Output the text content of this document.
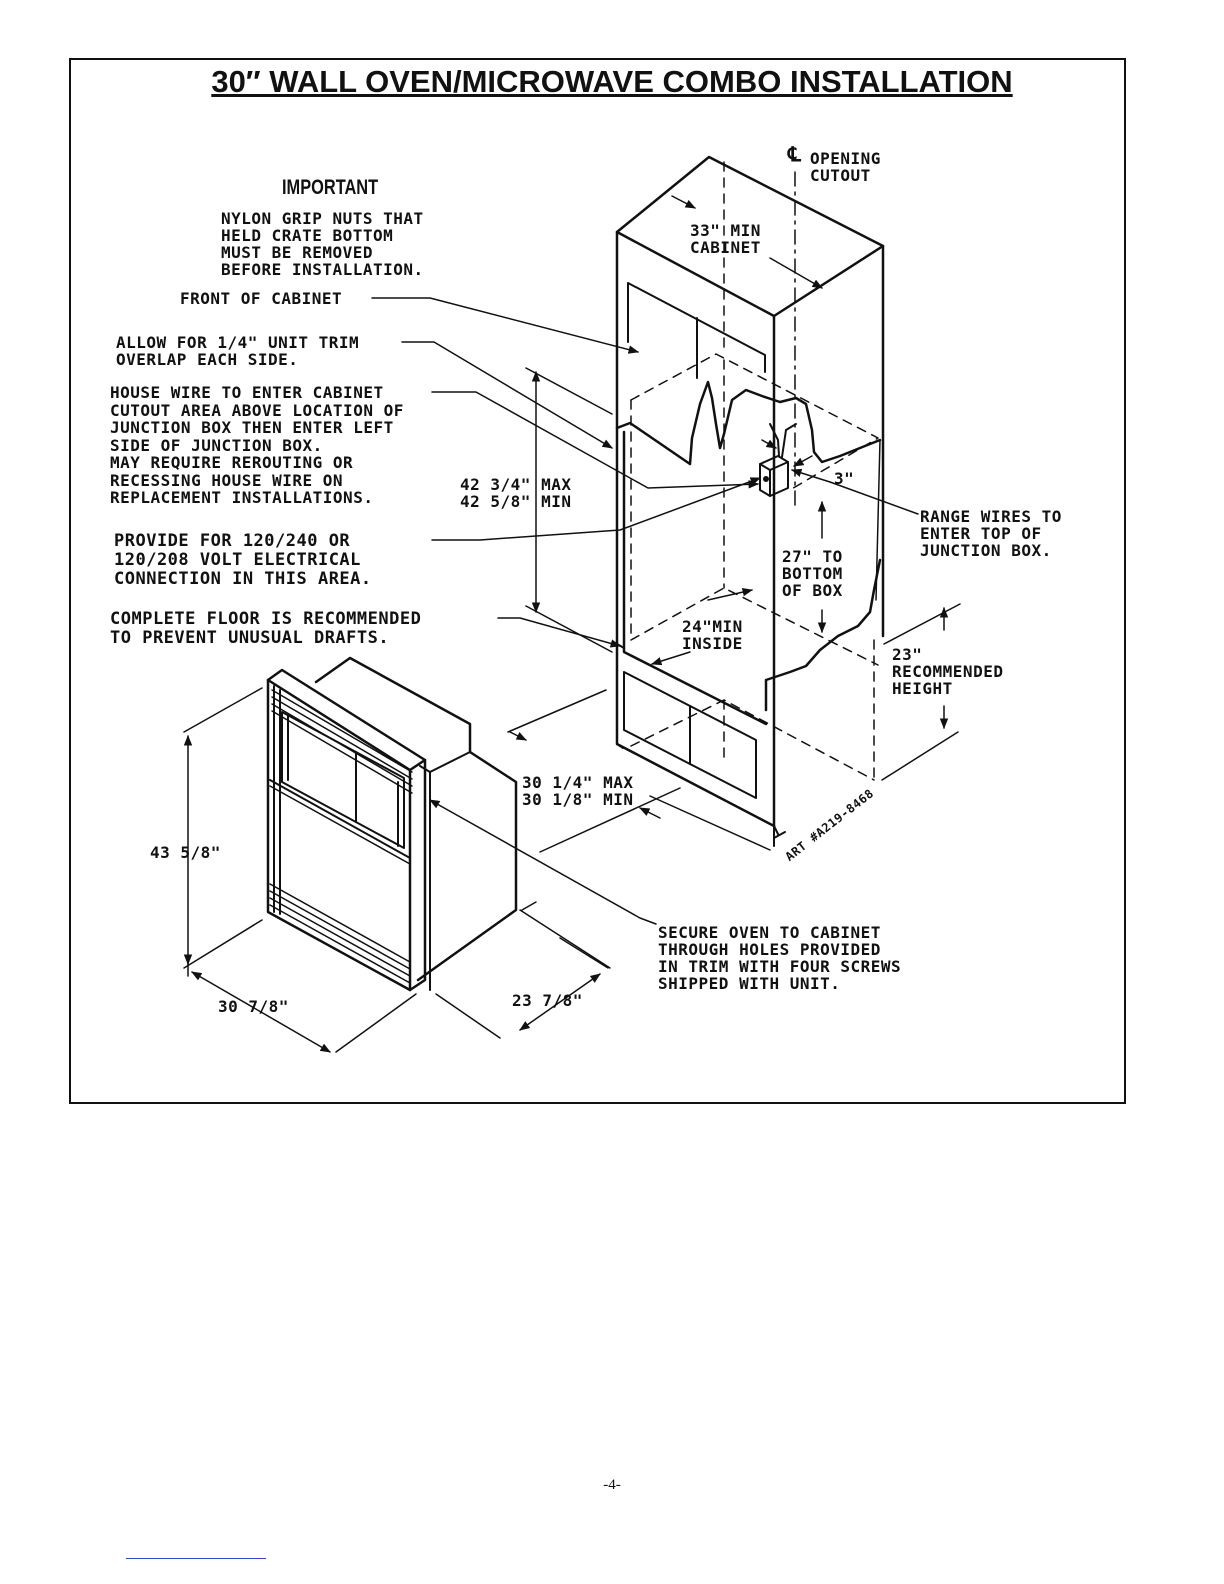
30″ WALL OVEN/MICROWAVE COMBO INSTALLATION
IMPORTANT
NYLON GRIP NUTS THAT
HELD CRATE BOTTOM
MUST BE REMOVED
BEFORE INSTALLATION.
FRONT OF CABINET
ALLOW FOR 1/4" UNIT TRIM
OVERLAP EACH SIDE.
HOUSE WIRE TO ENTER CABINET
CUTOUT AREA ABOVE LOCATION OF
JUNCTION BOX THEN ENTER LEFT
SIDE OF JUNCTION BOX.
MAY REQUIRE REROUTING OR
RECESSING HOUSE WIRE ON
REPLACEMENT INSTALLATIONS.
PROVIDE FOR 120/240 OR
120/208 VOLT ELECTRICAL
CONNECTION IN THIS AREA.
COMPLETE FLOOR IS RECOMMENDED
TO PREVENT UNUSUAL DRAFTS.
℄ OPENING
CUTOUT
33" MIN
CABINET
42 3/4" MAX
42 5/8" MIN
3"
RANGE WIRES TO
ENTER TOP OF
JUNCTION BOX.
27" TO
BOTTOM
OF BOX
24"MIN
INSIDE
23"
RECOMMENDED
HEIGHT
30 1/4" MAX
30 1/8" MIN	ART #A219-8468
43 5/8"
30 7/8"	23 7/8"
SECURE OVEN TO CABINET
THROUGH HOLES PROVIDED
IN TRIM WITH FOUR SCREWS
SHIPPED WITH UNIT.
-4-
